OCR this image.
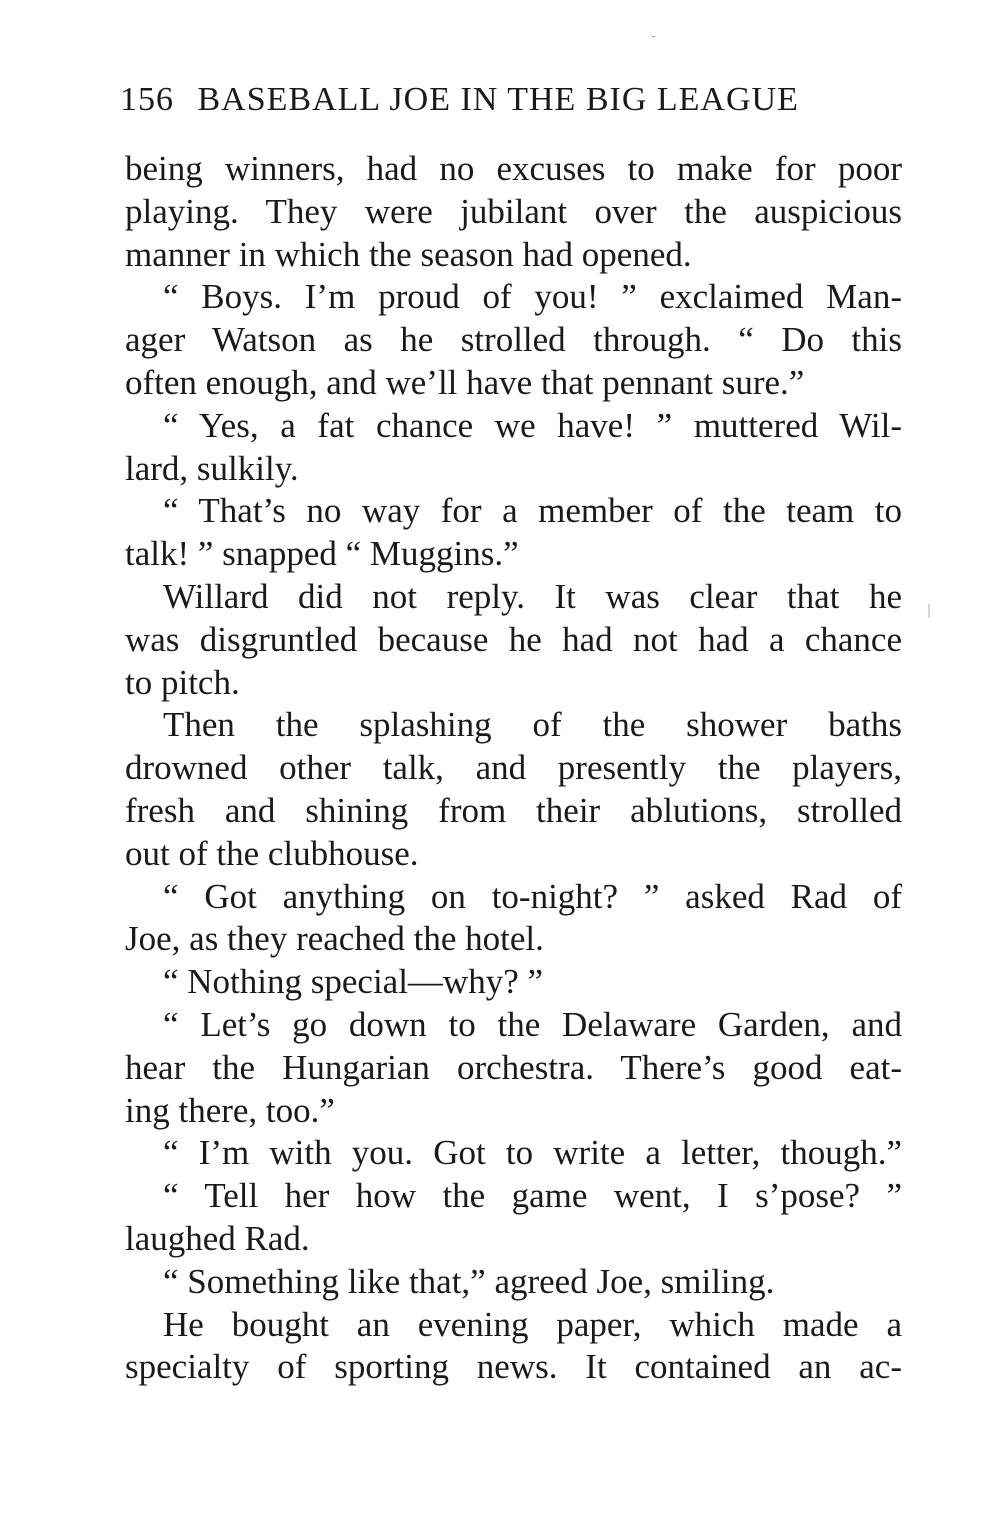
156 BASEBALL JOE IN THE BIG LEAGUE
being winners, had no excuses to make for poor
playing. They were jubilant over the auspicious
manner in which the season had opened.
“ Boys. I’m proud of you! ” exclaimed Man-
ager Watson as he strolled through. “ Do this
often enough, and we’ll have that pennant sure.”
“ Yes, a fat chance we have! ” muttered Wil-
lard, sulkily.
“ That’s no way for a member of the team to
talk! ” snapped “ Muggins.”
Willard did not reply. It was clear that he
was disgruntled because he had not had a chance
to pitch.
Then the splashing of the shower baths
drowned other talk, and presently the players,
fresh and shining from their ablutions, strolled
out of the clubhouse.
“ Got anything on to-night? ” asked Rad of
Joe, as they reached the hotel.
“ Nothing special—why? ”
“ Let’s go down to the Delaware Garden, and
hear the Hungarian orchestra. There’s good eat-
ing there, too.”
“ I’m with you. Got to write a letter, though.”
“ Tell her how the game went, I s’pose? ”
laughed Rad.
“ Something like that,” agreed Joe, smiling.
He bought an evening paper, which made a
specialty of sporting news. It contained an ac-
